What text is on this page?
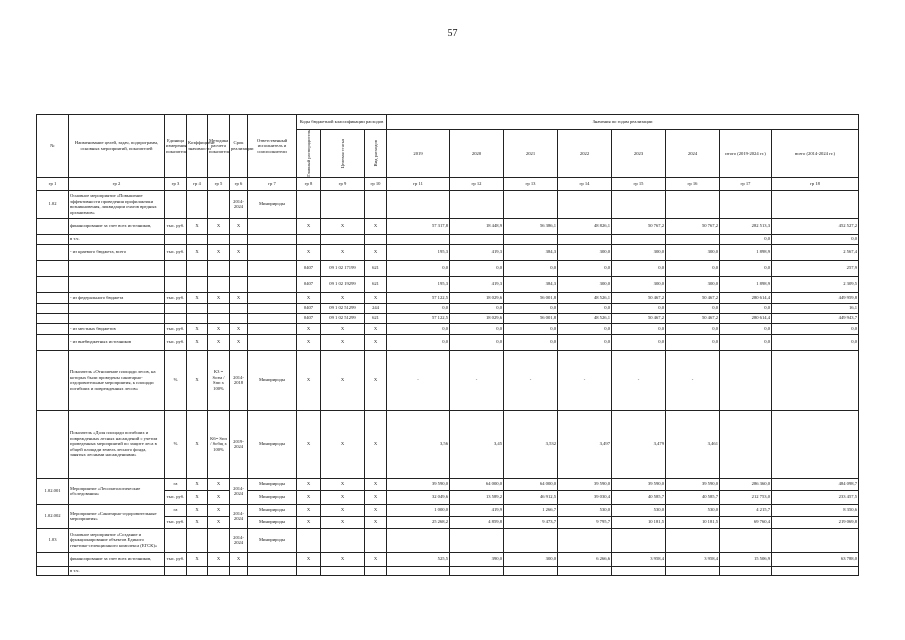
57
№	Наименование целей, задач, подпрограмм, основных мероприятий, показателей	Единица измерения показателя	Коэффициент значимости	Методика расчета показателя	Срок реализации	Ответственный исполнитель и соисполнители	Коды бюджетной классификации расходов			Значения по годам реализации							

							Главный распорядитель	Целевая статья	Вид расходов	2019	2020	2021	2022	2023	2024	итого (2019-2024 гг.)	всего (2014-2024 гг.)
гр 1	гр 2	гр 3	гр 4	гр 5	гр 6	гр 7	гр 8	гр 9	гр 10	гр 11	гр 12	гр 13	гр 14	гр 15	гр 16	гр 17	гр 18
1.02	Основное мероприятие «Повышение эффективности проведения профилактики возникновения, ликвидации очагов вредных организмов»				2014-2024	Минприроды											
	финансирование за счет всех источников,	тыс. руб.	X	X	X		X	X	X	57 317,8	18 448,9	56 386,1	48 826,1	50 767,2	50 767,2	282 513,3	452 527,2
	в т.ч.															0,0	0,0
	- из краевого бюджета, всего	тыс. руб.	X	X	X		X	X	X	195,3	419,3	384,3	300,0	300,0	300,0	1 898,9	2 567,4
							0407	09 1 02 17199	621	0,0	0,0	0,0	0,0	0,0	0,0	0,0	257,9
							0407	09 1 02 19299	621	195,3	419,3	384,3	300,0	300,0	300,0	1 898,9	2 309,5
	- из федерального бюджета	тыс. руб.	X	X	X		X	X	X	57 122,5	18 029,6	56 001,8	48 526,1	50 467,2	50 467,2	280 614,4	449 959,8
							0407	09 1 02 51299	244	0,0	0,0	0,0	0,0	0,0	0,0	0,0	16,1
							0407	09 1 02 51299	621	57 122,5	18 029,6	56 001,8	48 526,1	50 467,2	50 467,2	280 614,4	449 943,7
	- из местных бюджетов	тыс. руб.	X	X	X		X	X	X	0,0	0,0	0,0	0,0	0,0	0,0	0,0	0,0
	- из внебюджетных источников	тыс. руб.	X	X	X		X	X	X	0,0	0,0	0,0	0,0	0,0	0,0	0,0	0,0
	Показатель «Отношение площади лесов, на которых были проведены санитарно-оздоровительные мероприятия, к площади погибших и поврежденных лесов»	%	X	K3 = Sозм / Sпп x 100%	2014-2018	Минприроды	X	X	X	-	-	-	-	-	-		
	Показатель «Доля площади погибших и поврежденных лесных насаждений с учетом проведенных мероприятий по защите леса в общей площади земель лесного фонда, занятых лесными насаждениями»	%	X	K6= Sпп / Sобщ x 100%	2019-2024	Минприроды	X	X	X	3,56	3,45	3,532	3,497	3,479	3,461		
1.02.001	Мероприятие «Лесопатологические обследования»	га	X	X	2014-2024	Минприроды	X	X	X	39 590,0	64 000,0	64 000,0	39 590,0	39 590,0	39 590,0	286 360,0	484 098,7
		тыс. руб.	X	X		Минприроды	X	X	X	32 049,6	13 589,2	46 912,5	39 030,4	40 585,7	40 585,7	212 753,0	233 457,5
1.02.002	Мероприятие «Санитарно-оздоровительные мероприятия»	га	X	X	2014-2024	Минприроды	X	X	X	1 000,0	419,9	1 266,7	530,0	530,0	530,0	4 215,7	8 350,6
		тыс. руб.	X	X		Минприроды	X	X	X	25 268,2	4 859,8	9 473,7	9 795,7	10 181,5	10 181,5	69 760,4	219 069,8
1.03	Основное мероприятие «Создание и функционирование объектов Единого генетико-селекционного комплекса (ЕГСК)»				2014-2024	Минприроды											
	финансирование за счет всех источников,	тыс. руб.	X	X	X		X	X	X	525,5	390,0	300,0	6 266,6	3 958,4	3 958,4	15 506,9	63 788,0
	в т.ч.																
